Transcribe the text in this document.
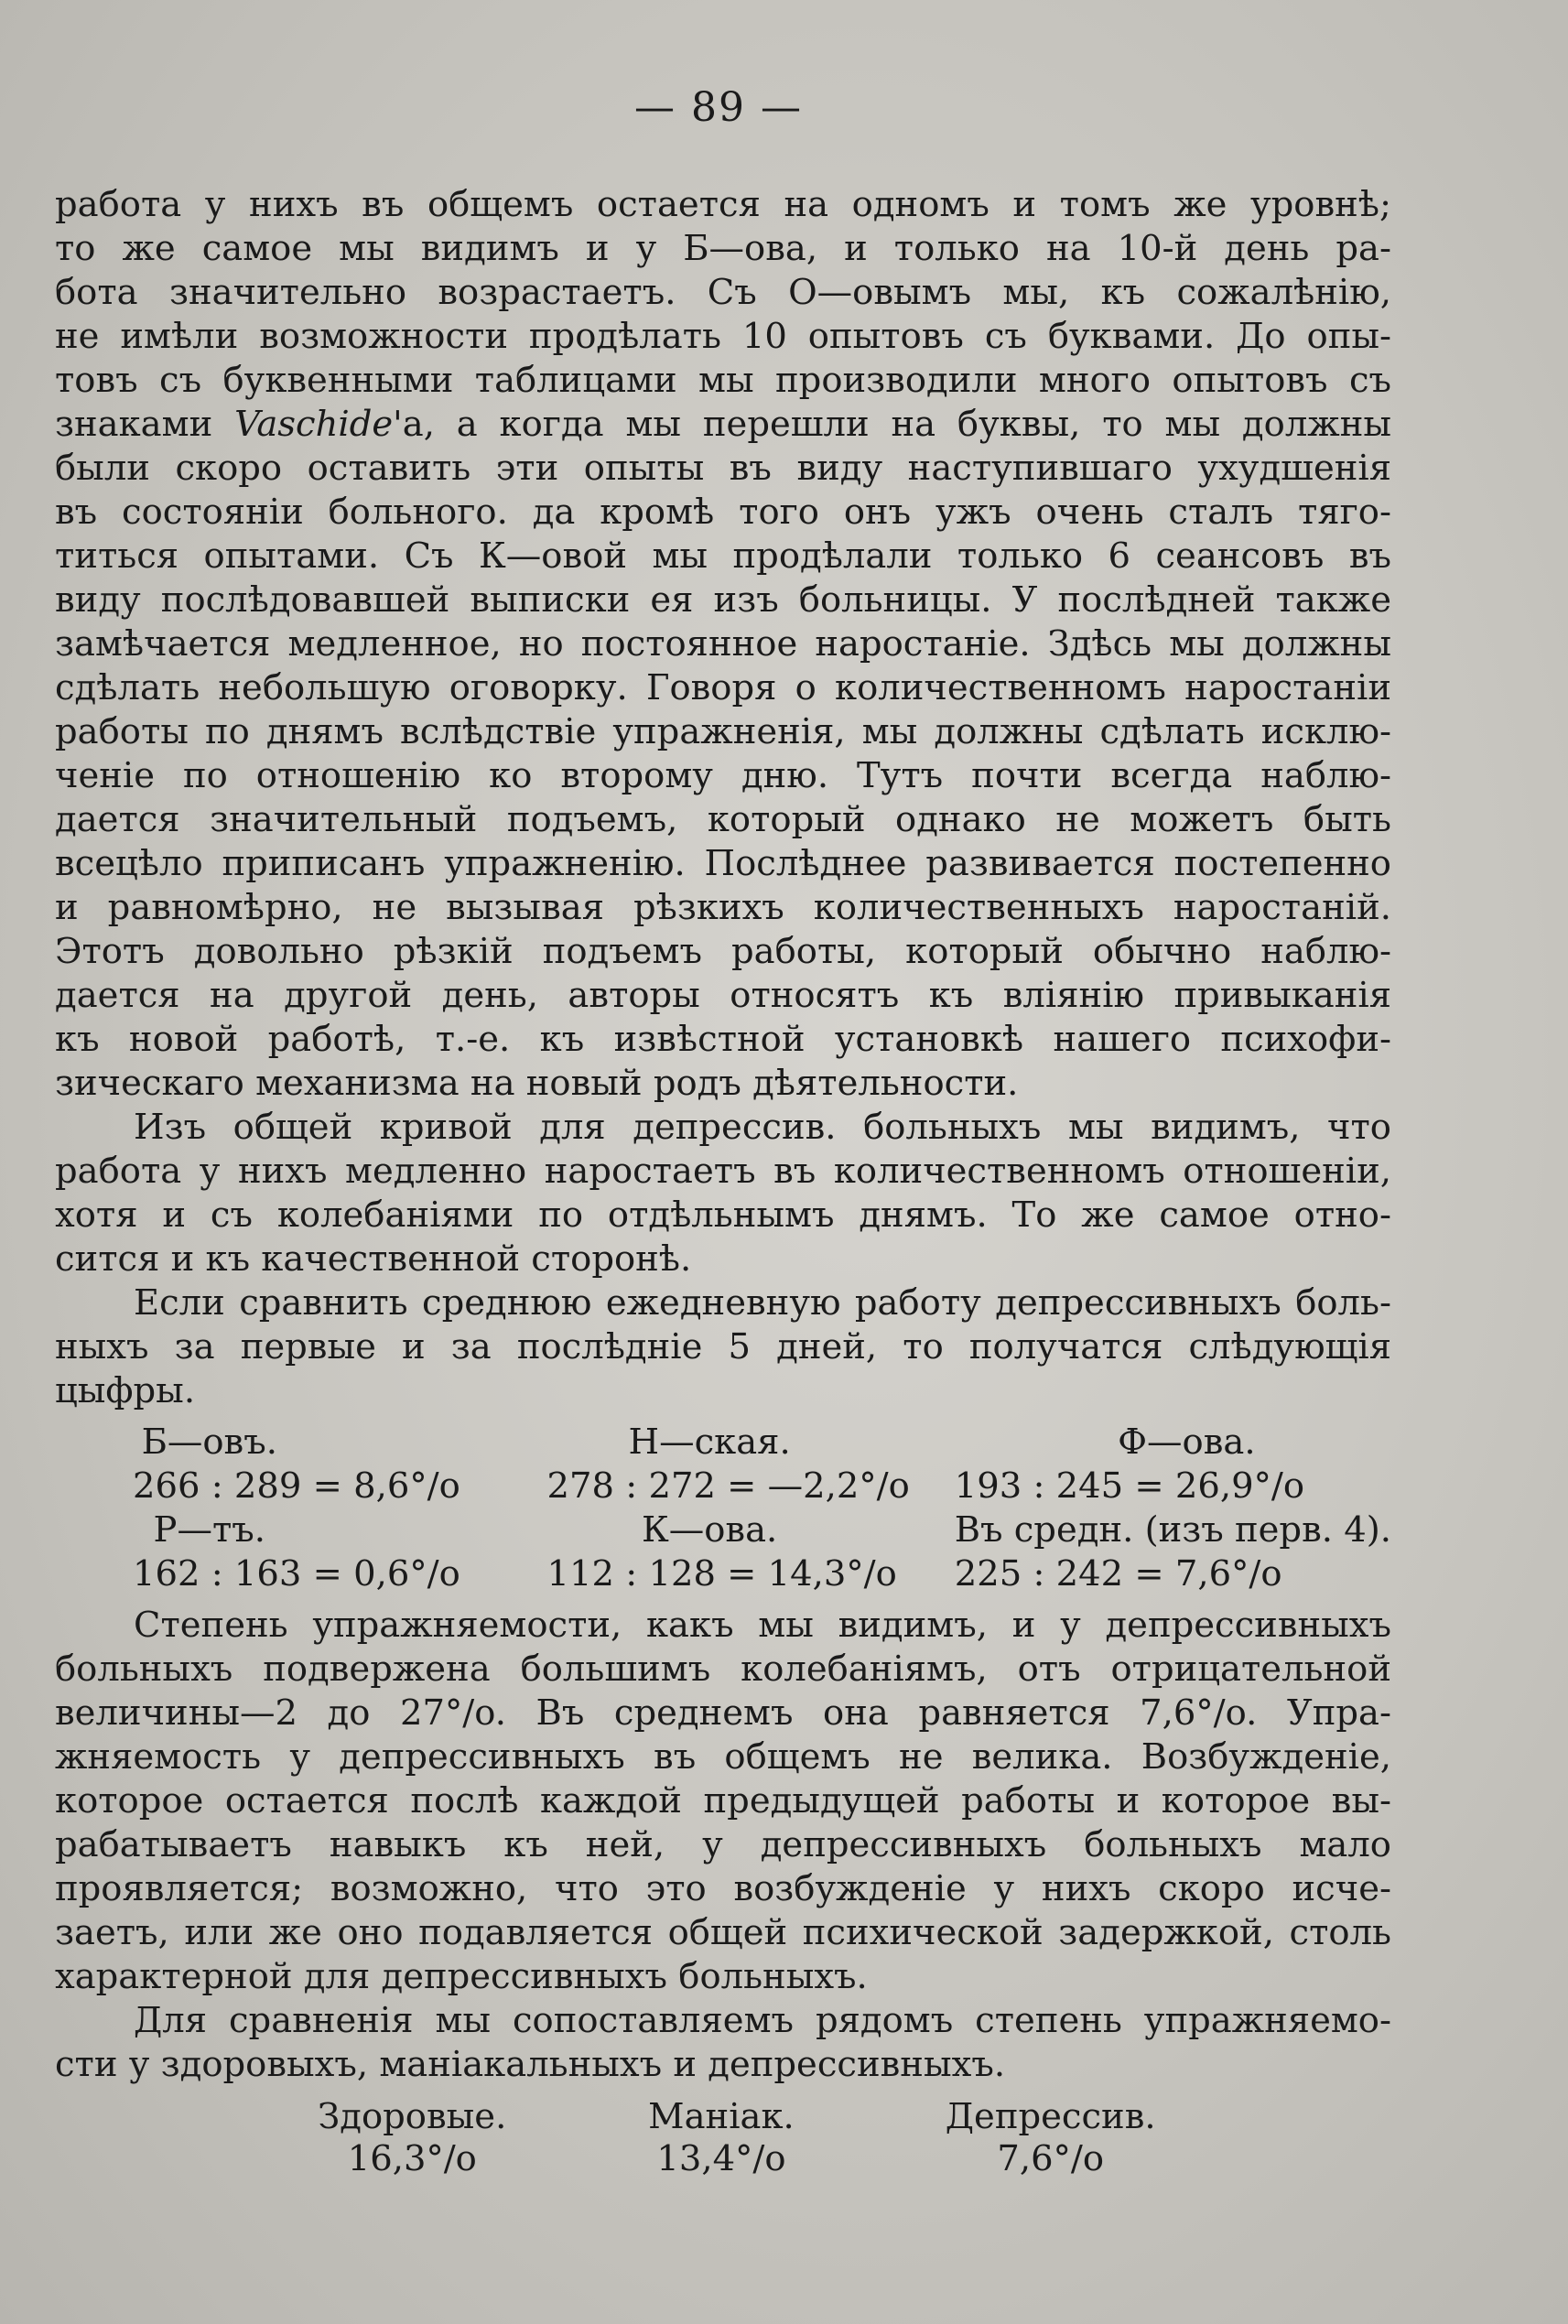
— 89 —
работа у нихъ въ общемъ остается на одномъ и томъ же уровнѣ;
то же самое мы видимъ и у Б—ова, и только на 10-й день ра-
бота значительно возрастаетъ. Съ О—овымъ мы, къ сожалѣнію,
не имѣли возможности продѣлать 10 опытовъ съ буквами. До опы-
товъ съ буквенными таблицами мы производили много опытовъ съ
знаками Vaschide'а, а когда мы перешли на буквы, то мы должны
были скоро оставить эти опыты въ виду наступившаго ухудшенія
въ состояніи больного. да кромѣ того онъ ужъ очень сталъ тяго-
титься опытами. Съ К—овой мы продѣлали только 6 сеансовъ въ
виду послѣдовавшей выписки ея изъ больницы. У послѣдней также
замѣчается медленное, но постоянное наростаніе. Здѣсь мы должны
сдѣлать небольшую оговорку. Говоря о количественномъ наростаніи
работы по днямъ вслѣдствіе упражненія, мы должны сдѣлать исклю-
ченіе по отношенію ко второму дню. Тутъ почти всегда наблю-
дается значительный подъемъ, который однако не можетъ быть
всецѣло приписанъ упражненію. Послѣднее развивается постепенно
и равномѣрно, не вызывая рѣзкихъ количественныхъ наростаній.
Этотъ довольно рѣзкій подъемъ работы, который обычно наблю-
дается на другой день, авторы относятъ къ вліянію привыканія
къ новой работѣ, т.-е. къ извѣстной установкѣ нашего психофи-
зическаго механизма на новый родъ дѣятельности.
Изъ общей кривой для депрессив. больныхъ мы видимъ, что
работа у нихъ медленно наростаетъ въ количественномъ отношеніи,
хотя и съ колебаніями по отдѣльнымъ днямъ. То же самое отно-
сится и къ качественной сторонѣ.
Если сравнить среднюю ежедневную работу депрессивныхъ боль-
ныхъ за первые и за послѣдніе 5 дней, то получатся слѣдующія
цыфры.
Б—овъ.	Н—ская.	Ф—ова.
266 : 289 = 8,6°/o	278 : 272 = —2,2°/o	193 : 245 = 26,9°/o
Р—тъ.	К—ова.	Въ средн. (изъ перв. 4).
162 : 163 = 0,6°/o	112 : 128 = 14,3°/o	225 : 242 = 7,6°/o
Степень упражняемости, какъ мы видимъ, и у депрессивныхъ
больныхъ подвержена большимъ колебаніямъ, отъ отрицательной
величины—2 до 27°/o. Въ среднемъ она равняется 7,6°/o. Упра-
жняемость у депрессивныхъ въ общемъ не велика. Возбужденіе,
которое остается послѣ каждой предыдущей работы и которое вы-
рабатываетъ навыкъ къ ней, у депрессивныхъ больныхъ мало
проявляется; возможно, что это возбужденіе у нихъ скоро исче-
заетъ, или же оно подавляется общей психической задержкой, столь
характерной для депрессивныхъ больныхъ.
Для сравненія мы сопоставляемъ рядомъ степень упражняемо-
сти у здоровыхъ, маніакальныхъ и депрессивныхъ.
Здоровые.	Маніак.	Депрессив.
16,3°/o	13,4°/o	7,6°/o
